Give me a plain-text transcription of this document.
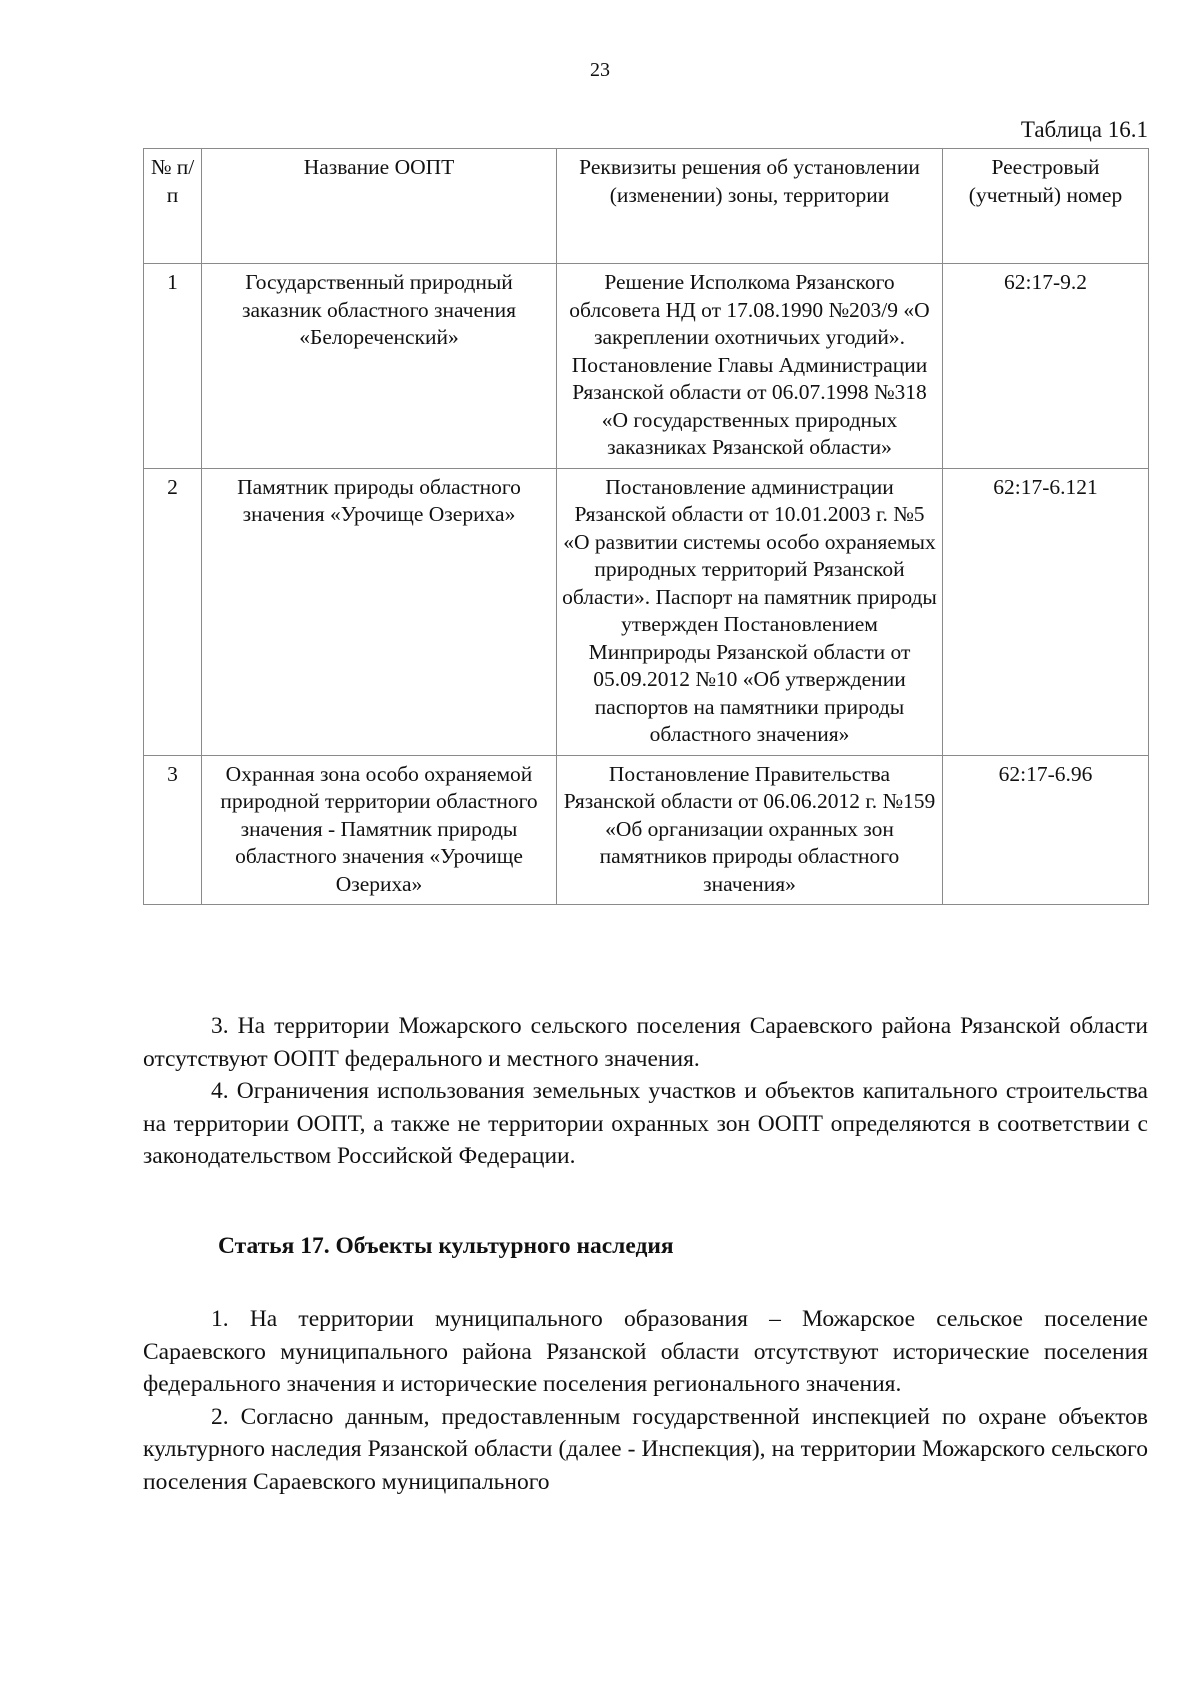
23
Таблица 16.1
№ п/п	Название ООПТ	Реквизиты решения об установлении (изменении) зоны, территории	Реестровый (учетный) номер
1	Государственный природный заказник областного значения «Белореченский»	Решение Исполкома Рязанского облсовета НД от 17.08.1990 №203/9 «О закреплении охотничьих угодий». Постановление Главы Администрации Рязанской области от 06.07.1998 №318 «О государственных природных заказниках Рязанской области»	62:17-9.2
2	Памятник природы областного значения «Урочище Озериха»	Постановление администрации Рязанской области от 10.01.2003 г. №5 «О развитии системы особо охраняемых природных территорий Рязанской области». Паспорт на памятник природы утвержден Постановлением Минприроды Рязанской области от 05.09.2012 №10 «Об утверждении паспортов на памятники природы областного значения»	62:17-6.121
3	Охранная зона особо охраняемой природной территории областного значения - Памятник природы областного значения «Урочище Озериха»	Постановление Правительства Рязанской области от 06.06.2012 г. №159 «Об организации охранных зон памятников природы областного значения»	62:17-6.96

3. На территории Можарского сельского поселения Сараевского района Рязанской области отсутствуют ООПТ федерального и местного значения.

4. Ограничения использования земельных участков и объектов капитального строительства на территории ООПТ, а также не территории охранных зон ООПТ определяются в соответствии с законодательством Российской Федерации.

Статья 17. Объекты культурного наследия

1. На территории муниципального образования – Можарское сельское поселение Сараевского муниципального района Рязанской области отсутствуют исторические поселения федерального значения и исторические поселения регионального значения.

2. Согласно данным, предоставленным государственной инспекцией по охране объектов культурного наследия Рязанской области (далее - Инспекция), на территории Можарского сельского поселения Сараевского муниципального
